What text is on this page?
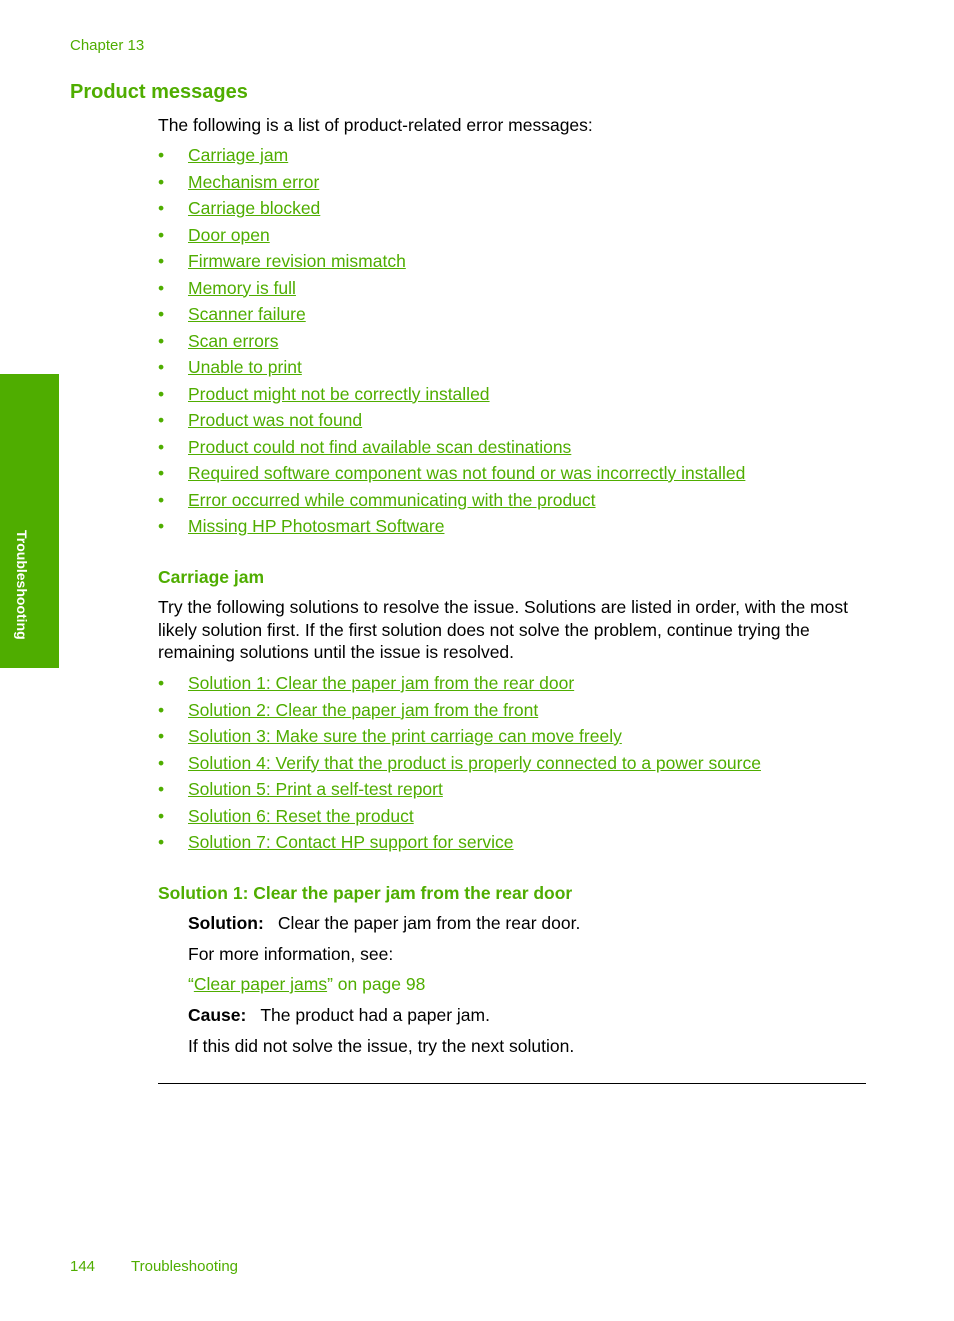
Chapter 13
Troubleshooting
Product messages

The following is a list of product-related error messages:

• Carriage jam
• Mechanism error
• Carriage blocked
• Door open
• Firmware revision mismatch
• Memory is full
• Scanner failure
• Scan errors
• Unable to print
• Product might not be correctly installed
• Product was not found
• Product could not find available scan destinations
• Required software component was not found or was incorrectly installed
• Error occurred while communicating with the product
• Missing HP Photosmart Software
Carriage jam

Try the following solutions to resolve the issue. Solutions are listed in order, with the most likely solution first. If the first solution does not solve the problem, continue trying the remaining solutions until the issue is resolved.

• Solution 1: Clear the paper jam from the rear door
• Solution 2: Clear the paper jam from the front
• Solution 3: Make sure the print carriage can move freely
• Solution 4: Verify that the product is properly connected to a power source
• Solution 5: Print a self-test report
• Solution 6: Reset the product
• Solution 7: Contact HP support for service
Solution 1: Clear the paper jam from the rear door

Solution: Clear the paper jam from the rear door.

For more information, see:

“Clear paper jams” on page 98

Cause: The product had a paper jam.

If this did not solve the issue, try the next solution.

144 Troubleshooting
